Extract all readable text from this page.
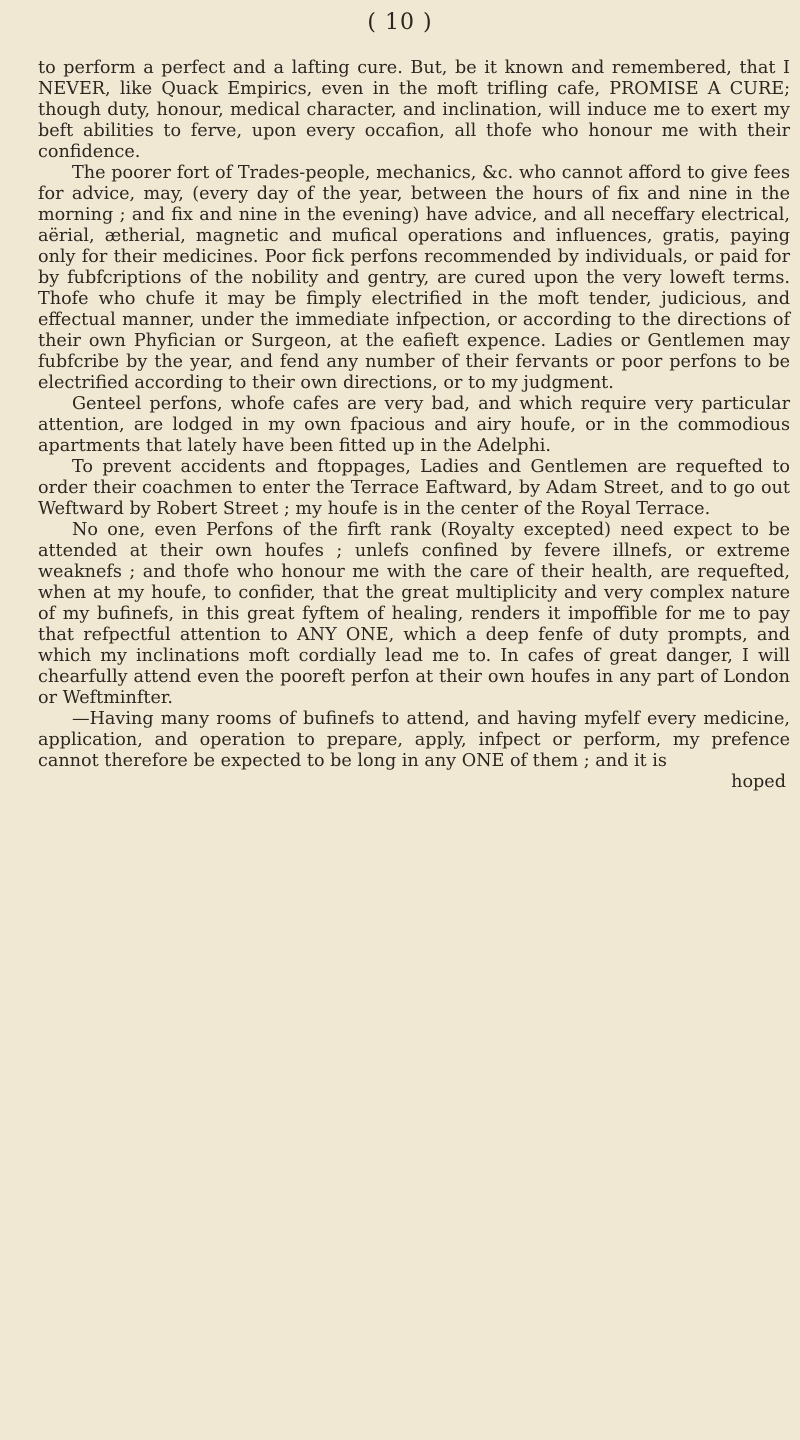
( 10 )

to perform a perfect and a lafting cure. But, be it known and remembered, that I NEVER, like Quack Empirics, even in the moft trifling cafe, PROMISE A CURE; though duty, honour, medical character, and inclination, will induce me to exert my beft abilities to ferve, upon every occafion, all thofe who honour me with their confidence.

The poorer fort of Trades-people, mechanics, &c. who cannot afford to give fees for advice, may, (every day of the year, between the hours of fix and nine in the morning ; and fix and nine in the evening) have advice, and all neceffary electrical, aërial, ætherial, magnetic and mufical operations and influences, gratis, paying only for their medicines. Poor fick perfons recommended by individuals, or paid for by fubfcriptions of the nobility and gentry, are cured upon the very loweft terms. Thofe who chufe it may be fimply electrified in the moft tender, judicious, and effectual manner, under the immediate infpection, or according to the directions of their own Phyfician or Surgeon, at the eafieft expence. Ladies or Gentlemen may fubfcribe by the year, and fend any number of their fervants or poor perfons to be electrified according to their own directions, or to my judgment.

Genteel perfons, whofe cafes are very bad, and which require very particular attention, are lodged in my own fpacious and airy houfe, or in the commodious apartments that lately have been fitted up in the Adelphi.

To prevent accidents and ftoppages, Ladies and Gentlemen are requefted to order their coachmen to enter the Terrace Eaftward, by Adam Street, and to go out Weftward by Robert Street ; my houfe is in the center of the Royal Terrace.

No one, even Perfons of the firft rank (Royalty excepted) need expect to be attended at their own houfes ; unlefs confined by fevere illnefs, or extreme weaknefs ; and thofe who honour me with the care of their health, are requefted, when at my houfe, to confider, that the great multiplicity and very complex nature of my bufinefs, in this great fyftem of healing, renders it impoffible for me to pay that refpectful attention to ANY ONE, which a deep fenfe of duty prompts, and which my inclinations moft cordially lead me to. In cafes of great danger, I will chearfully attend even the pooreft perfon at their own houfes in any part of London or Weftminfter.

—Having many rooms of bufinefs to attend, and having myfelf every medicine, application, and operation to prepare, apply, infpect or perform, my prefence cannot therefore be expected to be long in any ONE of them ; and it is

hoped
